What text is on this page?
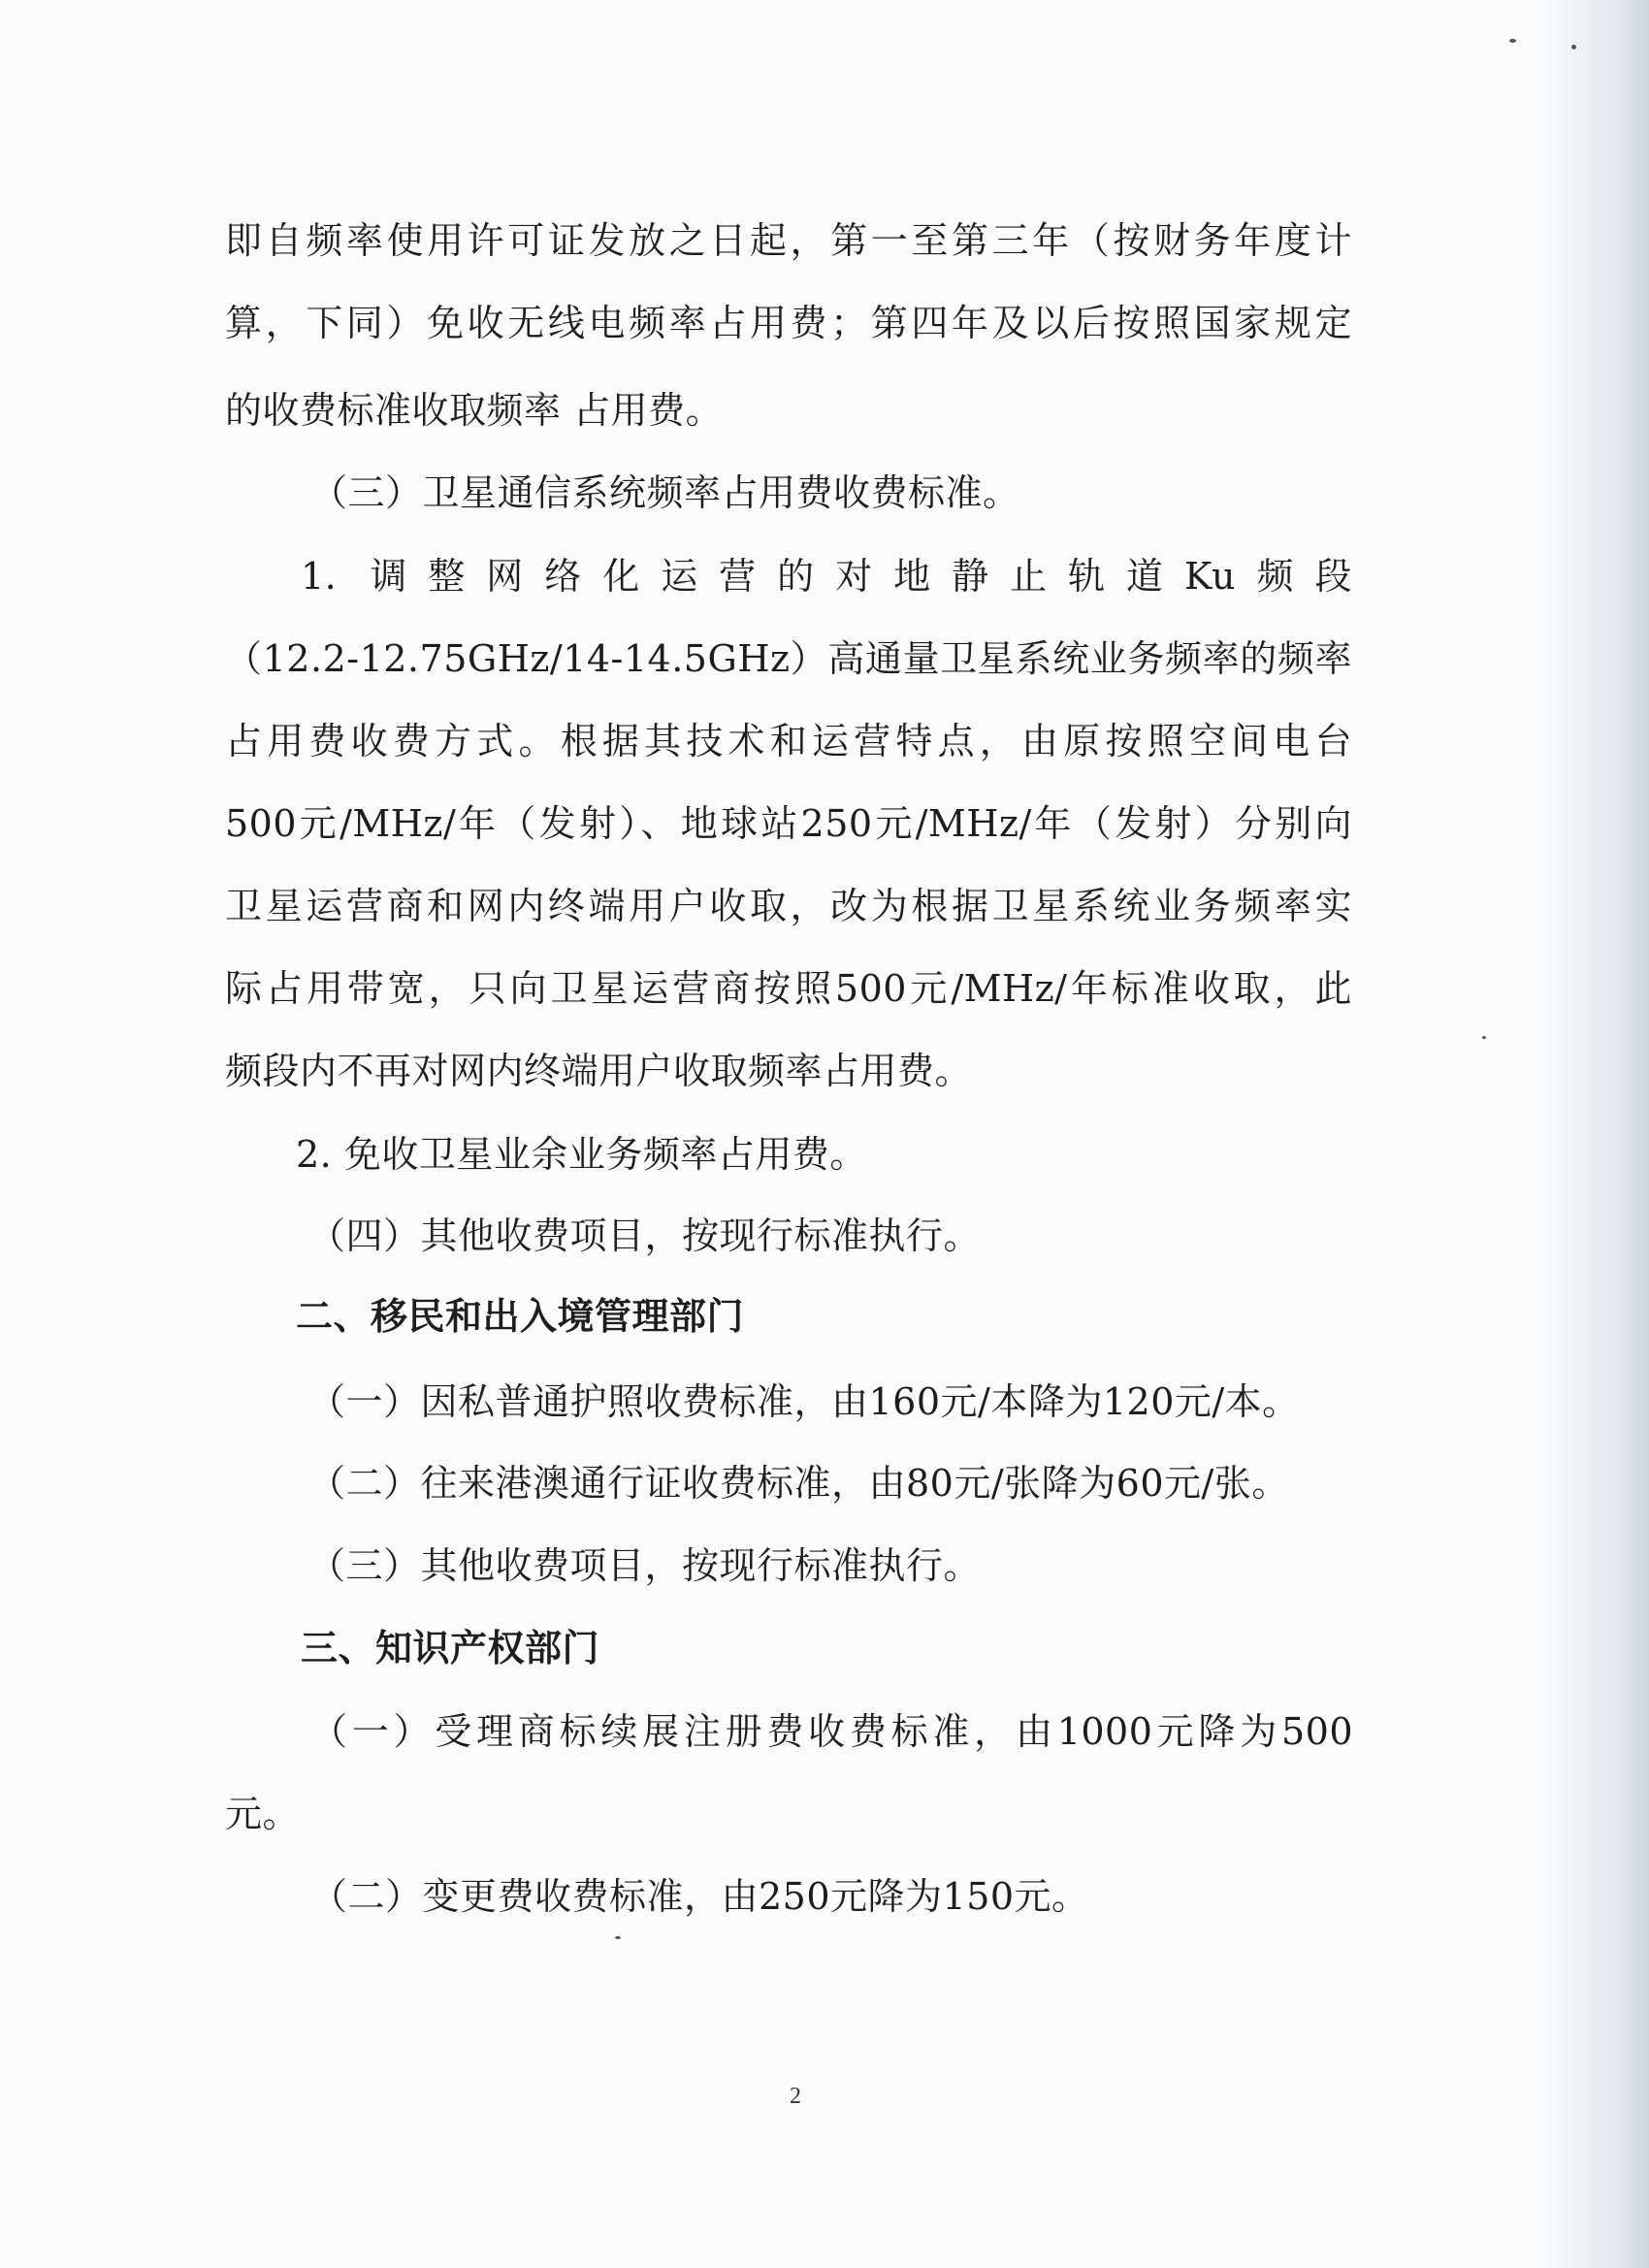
即自频率使用许可证发放之日起，第一至第三年（按财务年度计
算，下同）免收无线电频率占用费；第四年及以后按照国家规定
的收费标准收取频率 占用费。
（三）卫星通信系统频率占用费收费标准。
1. 调整网络化运营的对地静止轨道Ku频段
（12.2-12.75GHz/14-14.5GHz）高通量卫星系统业务频率的频率
占用费收费方式。根据其技术和运营特点，由原按照空间电台
500元/MHz/年（发射）、地球站250元/MHz/年（发射）分别向
卫星运营商和网内终端用户收取，改为根据卫星系统业务频率实
际占用带宽，只向卫星运营商按照500元/MHz/年标准收取，此
频段内不再对网内终端用户收取频率占用费。
2. 免收卫星业余业务频率占用费。
（四）其他收费项目，按现行标准执行。
二、移民和出入境管理部门
（一）因私普通护照收费标准，由160元/本降为120元/本。
（二）往来港澳通行证收费标准，由80元/张降为60元/张。
（三）其他收费项目，按现行标准执行。
三、知识产权部门
（一）受理商标续展注册费收费标准，由1000元降为500
元。
（二）变更费收费标准，由250元降为150元。
2
